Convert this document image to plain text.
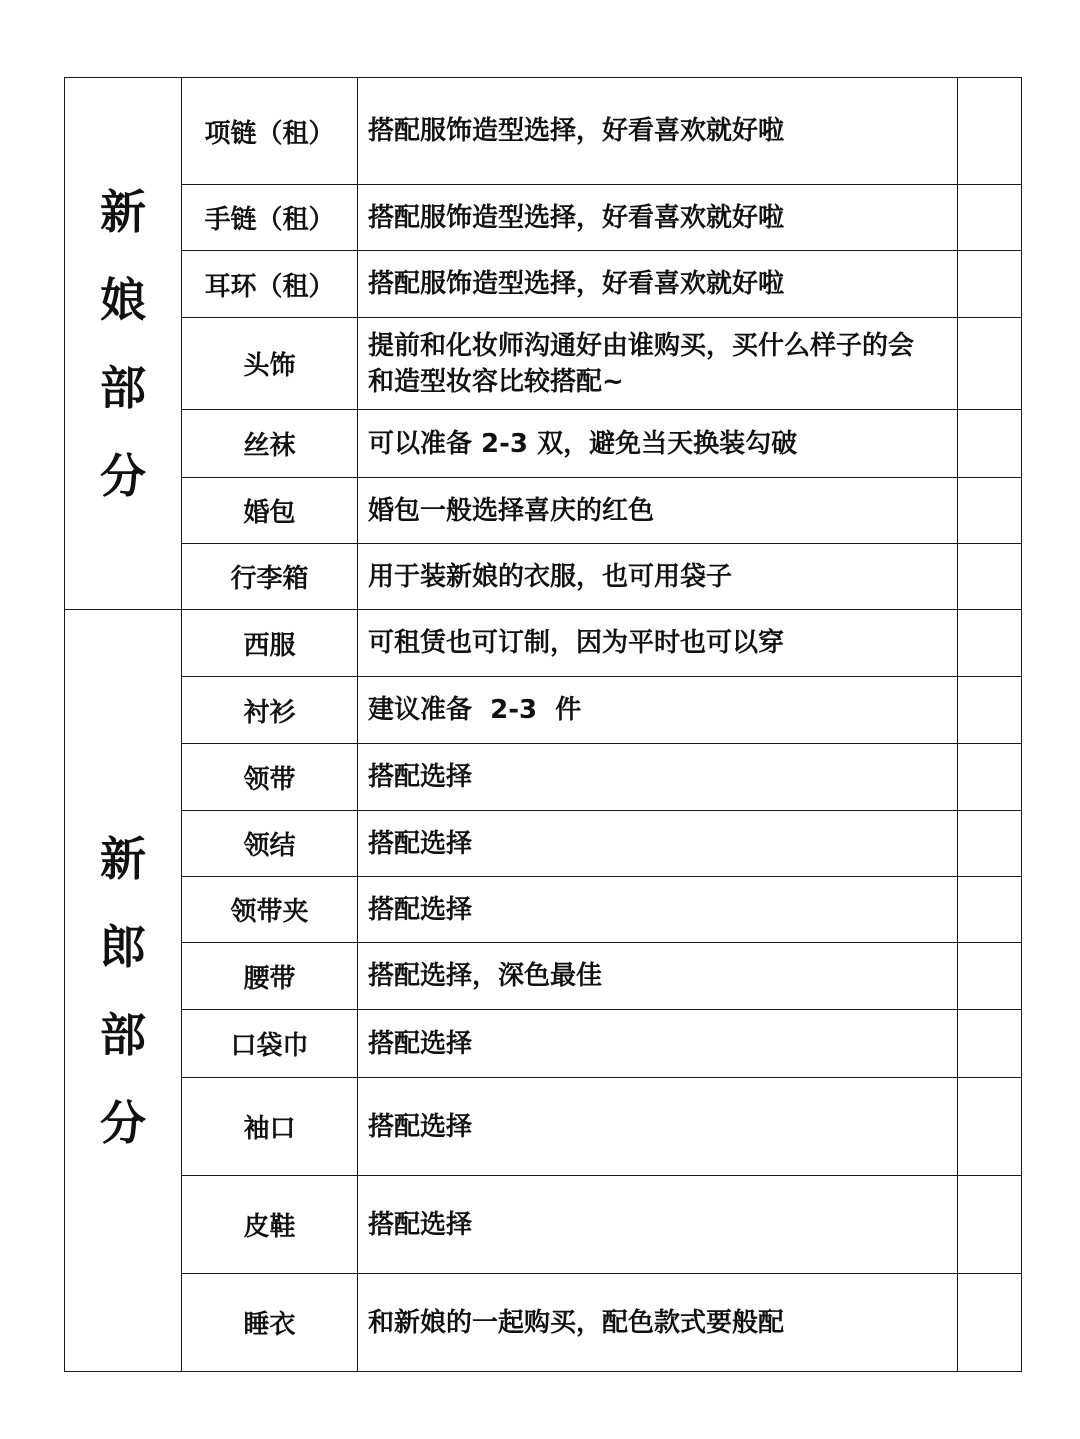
新娘部分	项链（租）	搭配服饰造型选择，好看喜欢就好啦	
	手链（租）	搭配服饰造型选择，好看喜欢就好啦	
	耳环（租）	搭配服饰造型选择，好看喜欢就好啦	
	头饰	提前和化妆师沟通好由谁购买，买什么样子的会和造型妆容比较搭配~	
	丝袜	可以准备 2-3 双，避免当天换装勾破	
	婚包	婚包一般选择喜庆的红色	
	行李箱	用于装新娘的衣服，也可用袋子	
新郎部分	西服	可租赁也可订制，因为平时也可以穿	
	衬衫	建议准备  2-3  件	
	领带	搭配选择	
	领结	搭配选择	
	领带夹	搭配选择	
	腰带	搭配选择，深色最佳	
	口袋巾	搭配选择	
	袖口	搭配选择	
	皮鞋	搭配选择	
	睡衣	和新娘的一起购买，配色款式要般配	
